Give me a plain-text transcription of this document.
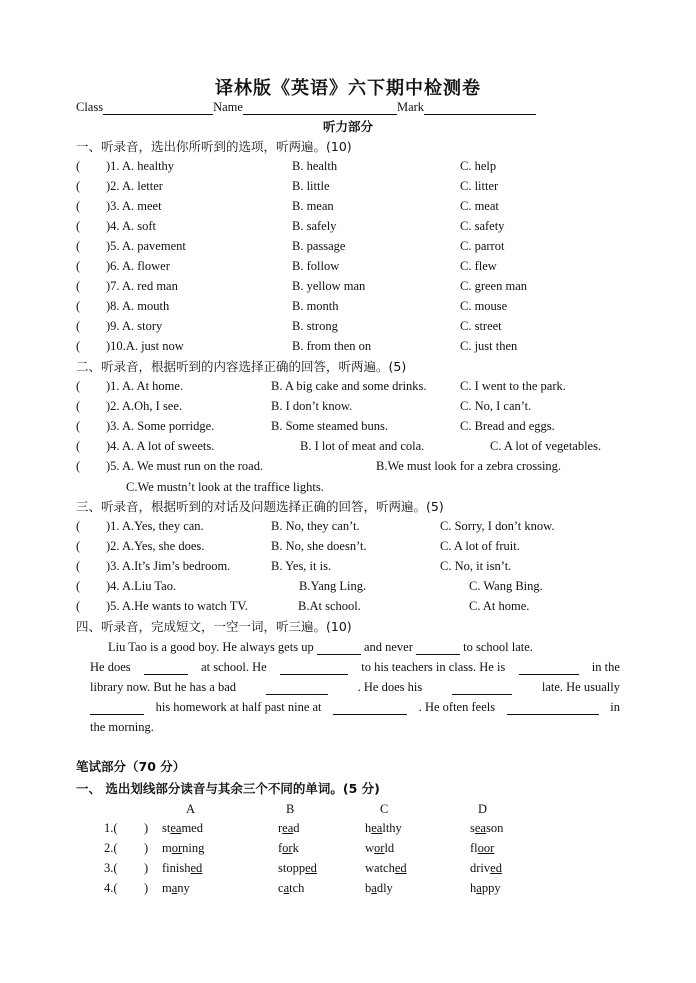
译林版《英语》六下期中检测卷
Class	Name	Mark
听力部分
一、听录音，选出你所听到的选项，听两遍。(10)
( )1. A. healthy	B. health	C. help
( )2. A. letter	B. little	C. litter
( )3. A. meet	B. mean	C. meat
( )4. A. soft	B. safely	C. safety
( )5. A. pavement	B. passage	C. parrot
( )6. A. flower	B. follow	C. flew
( )7. A. red man	B. yellow man	C. green man
( )8. A. mouth	B. month	C. mouse
( )9. A. story	B. strong	C. street
( )10.A. just now	B. from then on	C. just then
二、听录音，根据听到的内容选择正确的回答，听两遍。(5)
( )1. A. At home.	B. A big cake and some drinks.	C. I went to the park.
( )2. A.Oh, I see.	B. I don’t know.	C. No, I can’t.
( )3. A. Some porridge.	B. Some steamed buns.	C. Bread and eggs.
( )4. A. A lot of sweets.	B. I lot of meat and cola.	C. A lot of vegetables.
( )5. A. We must run on the road.	B.We must look for a zebra crossing.
C.We mustn’t look at the traffice lights.
三、听录音，根据听到的对话及问题选择正确的回答，听两遍。(5)
( )1. A.Yes, they can.	B. No, they can’t.	C. Sorry, I don’t know.
( )2. A.Yes, she does.	B. No, she doesn’t.	C. A lot of fruit.
( )3. A.It’s Jim’s bedroom.	B. Yes, it is.	C. No, it isn’t.
( )4. A.Liu Tao.	B.Yang Ling.	C. Wang Bing.
( )5. A.He wants to watch TV.	B.At school.	C. At home.
四、听录音，完成短文，一空一词，听三遍。(10)
Liu Tao is a good boy. He always gets up	and never	to school late.
He does	at school. He	to his teachers in class. He is	in the
library now. But he has a bad	. He does his	late. He usually
his homework at half past nine at	. He often feels	in
the morning.
笔试部分（70 分）
一、 选出划线部分读音与其余三个不同的单词。(5 分)
A	B	C	D
1.( ) steamed	read	healthy	season
2.( ) morning	fork	world	floor
3.( ) finished	stopped	watched	drived
4.( ) many	catch	badly	happy
